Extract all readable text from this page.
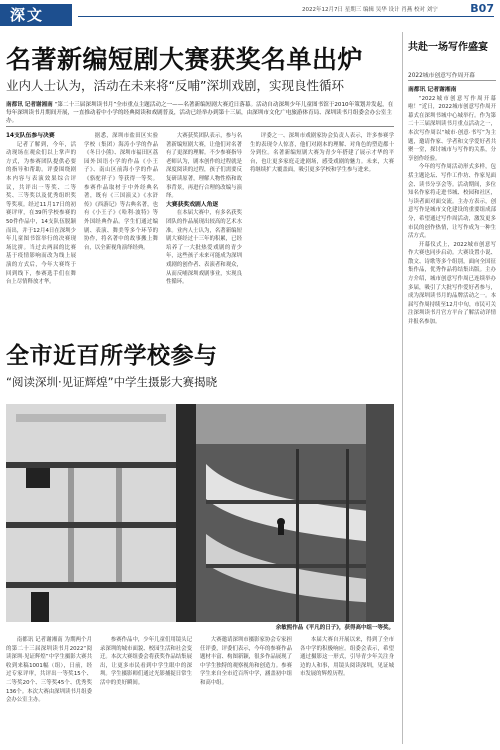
深文	2022年12月7日 星期三 编辑 吴华 设计 肖燕 校对 刘宁	B07
名著新编短剧大赛获奖名单出炉
业内人士认为，活动在未来将“反哺”深圳戏剧，实现良性循环
南都讯 记者谢湘南 “第二十三届深圳读书月”全市重点主题活动之一——名著新编短剧大赛近日落幕。活动自动深圳少年儿童图书馆于2010年策划并发起，在每年深圳读书月期间开展，一直推动着中小学的经典阅读和戏剧普及，活动已经举办到第十三届，由深圳市文化广电旅游体育局、深圳读书月组委会办公室主办。

14支队伍参与决赛

记者了解到，今年，活动现场在观众们以上掌声的方式，为参赛团队提供必要的指导和帮助。评委围绕剧本内容与表演效果综合评议，共评出一等奖、二等奖、三等奖以及优秀组织奖等奖项。经过11月17日的初赛评审，在39所学校参赛的50件作品中，14支队伍脱颖而出，并于12月4日在深圳少年儿童图书馆举行的决赛现场比拼。当过去两届的比赛基于疫情影响而改为线上展演的方式后，今年大赛终于回到线下，参赛选手们在舞台上尽情释放才华。

据悉，深圳市盐田区实验学校（集团）海涛小学的作品《冬日小熊》、深圳市福田区荔园外国语小学的作品《小王子》、南山区前海小学的作品《骆驼祥子》等获得一等奖。参赛作品取材于中外经典名著，既有《三国演义》《水浒传》《西游记》等古典名著，也有《小王子》《哈利·波特》等外国经典作品。学生们通过编剧、表演、舞美等多个环节的协作，将名著中的故事搬上舞台，以全新视角演绎经典。

大赛获奖团队表示，参与名著新编短剧大赛，让他们对名著有了更深的理解。不少参赛指导老师认为，剧本创作的过程就是深度阅读的过程，孩子们需要反复研读原著，理解人物性格和故事背景，再进行合理的改编与演绎。

大赛获奖戏剧人角逐

在本届大赛中，有多名获奖团队的作品展现出较高的艺术水准。业内人士认为，名著新编短剧大赛经过十三年的积累，已经培养了一大批热爱戏剧的青少年，这些孩子未来可能成为深圳戏剧的创作者、表演者和观众，从而反哺深圳戏剧事业，实现良性循环。

评委之一、深圳市戏剧家协会负责人表示，许多参赛学生的表现令人惊喜，他们对剧本的理解、对角色的塑造都十分到位。名著新编短剧大赛为青少年搭建了展示才华的平台，也让更多家庭走进剧场，感受戏剧的魅力。未来，大赛将继续扩大覆盖面，吸引更多学校和学生参与进来。

全市近百所学校参与
“阅读深圳·见证辉煌”中学生摄影大赛揭晓
余敏熙作品《平凡的日子》，获得高中组一等奖。

南都讯 记者谢湘南 为期两个月的第二十三届深圳读书月2022“阅读深圳·见证辉煌”中学生摄影大赛共收到来稿1001幅（组），日前，经过专家评审，共评出一等奖15个、二等奖20个、三等奖45个、优秀奖136个。本次大赛由深圳读书月组委会办公室主办。

参赛作品中，少年儿童们用镜头记录深圳的城市面貌、校园生活和社会变迁。本次大赛组委会将获奖作品结集展出，让更多市民看到中学生眼中的深圳。学生摄影师们通过光影捕捉日常生活中的美好瞬间。

大赛邀请深圳市摄影家协会专家担任评委，评委们表示，今年的参赛作品题材丰富、构图新颖，很多作品展现了中学生独特的观察视角和创造力。参赛学生来自全市近百所中学，涵盖初中组和高中组。

本届大赛自开展以来，得到了全市各中学的积极响应。组委会表示，希望通过摄影这一形式，引导青少年关注身边的人和事，用镜头阅读深圳，见证城市发展的辉煌历程。

共赴一场写作盛宴
2022城市创意写作周开幕

南都讯 记者谢湘南

“2022城市创意写作周开幕啦！”近日，2022城市创意写作周开幕式在深圳书城中心城举行。作为第二十三届深圳读书月重点活动之一，本次写作周以“城市·创意·书写”为主题，邀请作家、学者和文学爱好者共聚一堂，探讨城市与写作的关系，分享创作经验。

今年的写作周活动形式多样，包括主题论坛、写作工作坊、作家见面会、读书分享会等。活动期间，多位知名作家将走进书城、校园和社区，与读者面对面交流。主办方表示，创意写作是城市文化建设的重要组成部分，希望通过写作周活动，激发更多市民的创作热情，让写作成为一种生活方式。

开幕仪式上，2022城市创意写作大赛也同步启动。大赛设置小说、散文、诗歌等多个组别，面向全国征集作品，优秀作品将结集出版。主办方介绍，城市创意写作周已连续举办多届，吸引了大批写作爱好者参与，成为深圳读书月的品牌活动之一。本届写作周持续至12月中旬，市民可关注深圳读书月官方平台了解活动详情并报名参加。
